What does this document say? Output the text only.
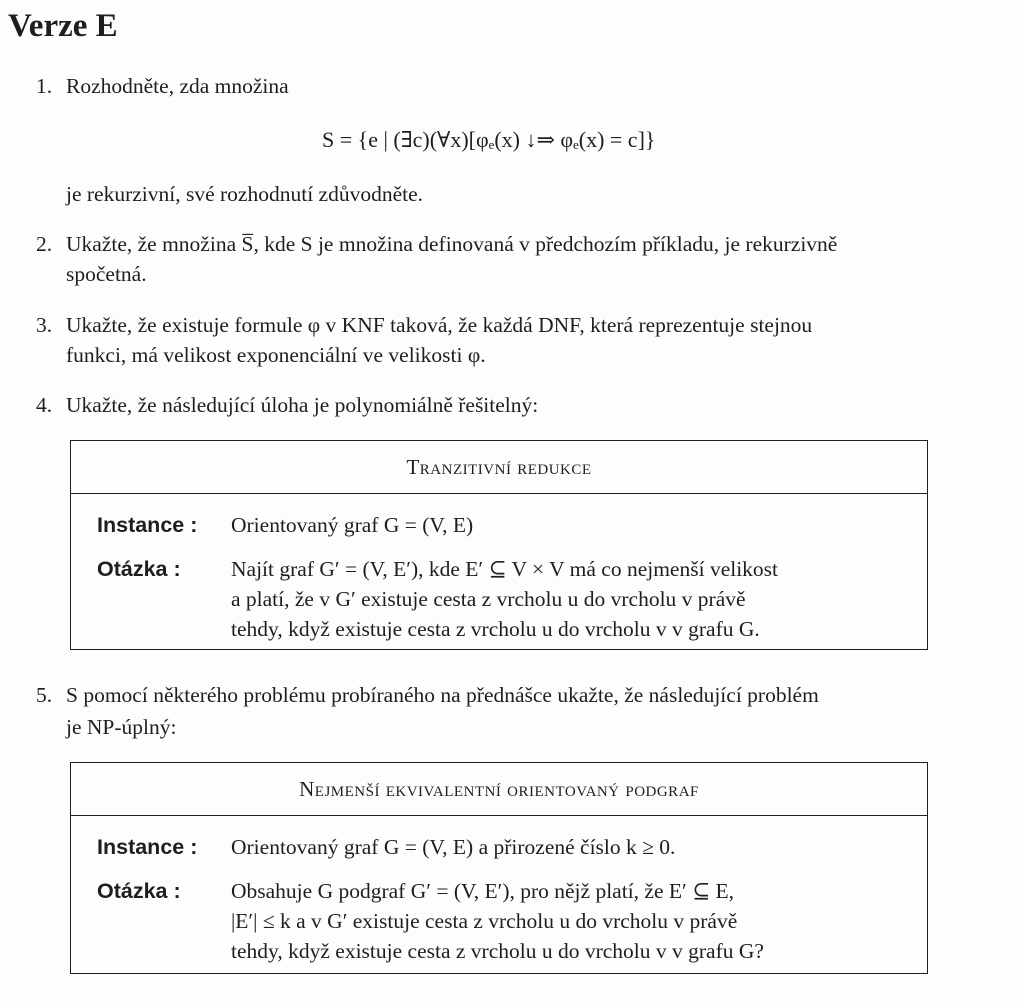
Verze E
1. Rozhodněte, zda množina

S = {e | (∃c)(∀x)[φₑ(x) ↓⇒ φₑ(x) = c]}

je rekurzivní, své rozhodnutí zdůvodněte.

2. Ukažte, že množina S̅, kde S je množina definovaná v předchozím příkladu, je rekurzivně

spočetná.

3. Ukažte, že existuje formule φ v KNF taková, že každá DNF, která reprezentuje stejnou

funkci, má velikost exponenciální ve velikosti φ.

4. Ukažte, že následující úloha je polynomiálně řešitelný:

Tranzitivní redukce
Instance : Orientovaný graf G = (V, E)
Otázka : Najít graf G′ = (V, E′), kde E′ ⊆ V × V má co nejmenší velikost
a platí, že v G′ existuje cesta z vrcholu u do vrcholu v právě
tehdy, když existuje cesta z vrcholu u do vrcholu v v grafu G.
5. S pomocí některého problému probíraného na přednášce ukažte, že následující problém

je NP-úplný:

Nejmenší ekvivalentní orientovaný podgraf
Instance : Orientovaný graf G = (V, E) a přirozené číslo k ≥ 0.
Otázka : Obsahuje G podgraf G′ = (V, E′), pro nějž platí, že E′ ⊆ E,
|E′| ≤ k a v G′ existuje cesta z vrcholu u do vrcholu v právě
tehdy, když existuje cesta z vrcholu u do vrcholu v v grafu G?
